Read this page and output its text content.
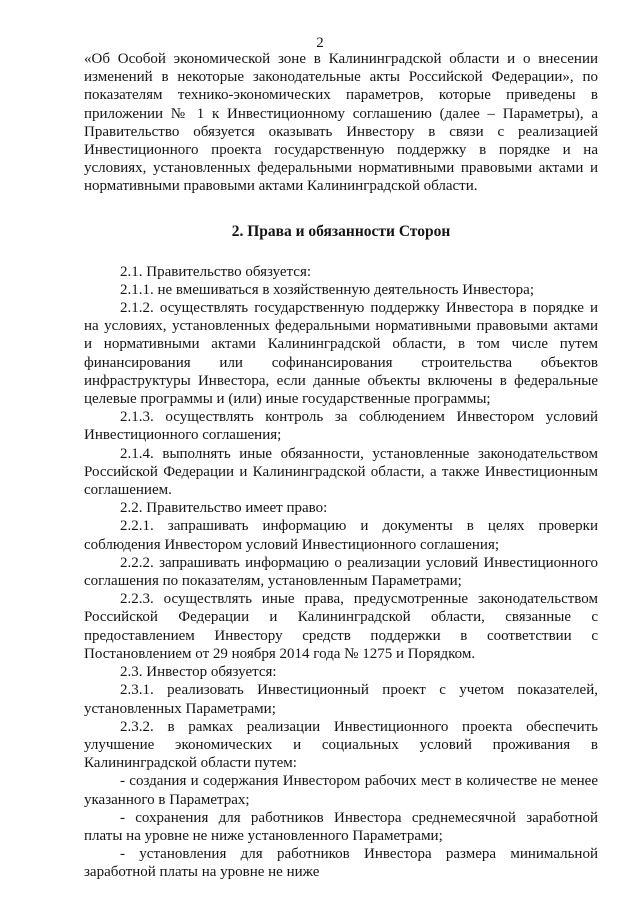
2

«Об Особой экономической зоне в Калининградской области и о внесении изменений в некоторые законодательные акты Российской Федерации», по показателям технико-экономических параметров, которые приведены в приложении № 1 к Инвестиционному соглашению (далее – Параметры), а Правительство обязуется оказывать Инвестору в связи с реализацией Инвестиционного проекта государственную поддержку в порядке и на условиях, установленных федеральными нормативными правовыми актами и нормативными правовыми актами Калининградской области.

2. Права и обязанности Сторон

2.1. Правительство обязуется:

2.1.1. не вмешиваться в хозяйственную деятельность Инвестора;

2.1.2. осуществлять государственную поддержку Инвестора в порядке и на условиях, установленных федеральными нормативными правовыми актами и нормативными актами Калининградской области, в том числе путем финансирования или софинансирования строительства объектов инфраструктуры Инвестора, если данные объекты включены в федеральные целевые программы и (или) иные государственные программы;

2.1.3. осуществлять контроль за соблюдением Инвестором условий Инвестиционного соглашения;

2.1.4. выполнять иные обязанности, установленные законодательством Российской Федерации и Калининградской области, а также Инвестиционным соглашением.

2.2. Правительство имеет право:

2.2.1. запрашивать информацию и документы в целях проверки соблюдения Инвестором условий Инвестиционного соглашения;

2.2.2. запрашивать информацию о реализации условий Инвестиционного соглашения по показателям, установленным Параметрами;

2.2.3. осуществлять иные права, предусмотренные законодательством Российской Федерации и Калининградской области, связанные с предоставлением Инвестору средств поддержки в соответствии с Постановлением от 29 ноября 2014 года № 1275 и Порядком.

2.3. Инвестор обязуется:

2.3.1. реализовать Инвестиционный проект с учетом показателей, установленных Параметрами;

2.3.2. в рамках реализации Инвестиционного проекта обеспечить улучшение экономических и социальных условий проживания в Калининградской области путем:

- создания и содержания Инвестором рабочих мест в количестве не менее указанного в Параметрах;

- сохранения для работников Инвестора среднемесячной заработной платы на уровне не ниже установленного Параметрами;

- установления для работников Инвестора размера минимальной заработной платы на уровне не ниже
